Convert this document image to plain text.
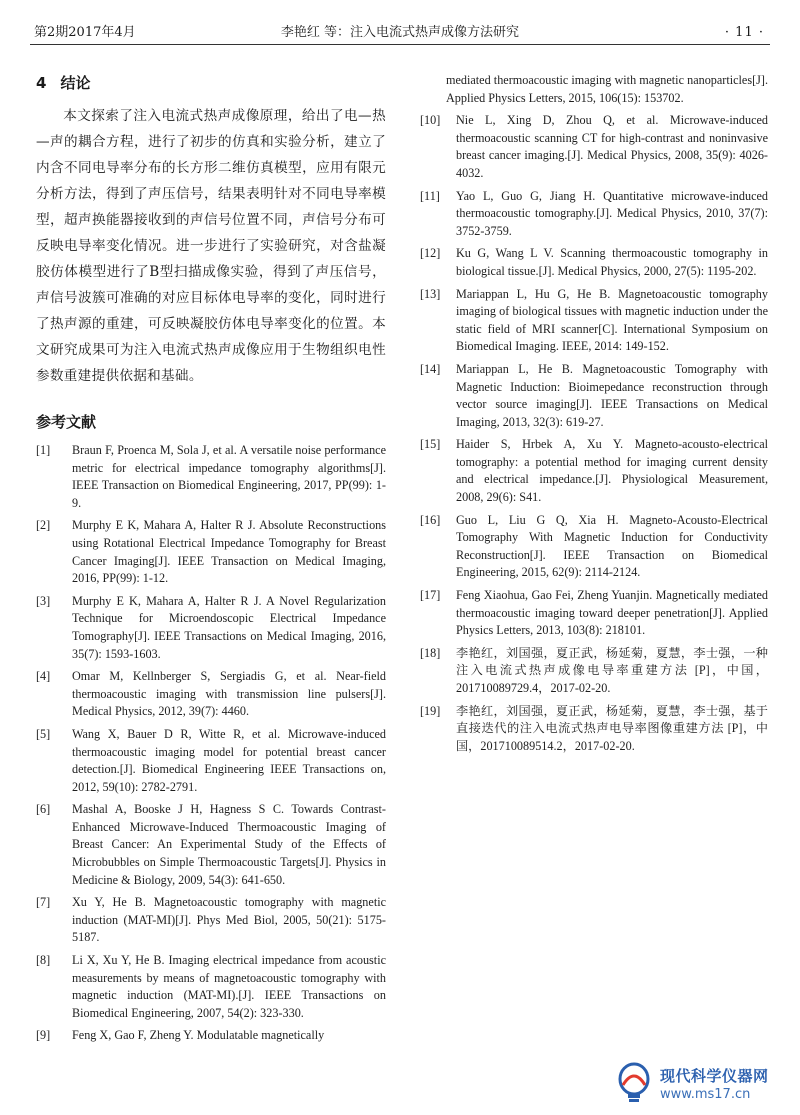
第2期2017年4月	李艳红 等：注入电流式热声成像方法研究	· 11 ·
4 结论

本文探索了注入电流式热声成像原理，给出了电—热—声的耦合方程，进行了初步的仿真和实验分析，建立了内含不同电导率分布的长方形二维仿真模型，应用有限元分析方法，得到了声压信号，结果表明针对不同电导率模型，超声换能器接收到的声信号位置不同，声信号分布可反映电导率变化情况。进一步进行了实验研究，对含盐凝胶仿体模型进行了B型扫描成像实验，得到了声压信号，声信号波簇可准确的对应目标体电导率的变化，同时进行了热声源的重建，可反映凝胶仿体电导率变化的位置。本文研究成果可为注入电流式热声成像应用于生物组织电性参数重建提供依据和基础。

参考文献
[1] Braun F, Proenca M, Sola J, et al. A versatile noise performance metric for electrical impedance tomography algorithms[J]. IEEE Transaction on Biomedical Engineering, 2017, PP(99): 1-9.
[2] Murphy E K, Mahara A, Halter R J. Absolute Reconstructions using Rotational Electrical Impedance Tomography for Breast Cancer Imaging[J]. IEEE Transaction on Medical Imaging, 2016, PP(99): 1-12.
[3] Murphy E K, Mahara A, Halter R J. A Novel Regularization Technique for Microendoscopic Electrical Impedance Tomography[J]. IEEE Transactions on Medical Imaging, 2016, 35(7): 1593-1603.
[4] Omar M, Kellnberger S, Sergiadis G, et al. Near-field thermoacoustic imaging with transmission line pulsers[J]. Medical Physics, 2012, 39(7): 4460.
[5] Wang X, Bauer D R, Witte R, et al. Microwave-induced thermoacoustic imaging model for potential breast cancer detection.[J]. Biomedical Engineering IEEE Transactions on, 2012, 59(10): 2782-2791.
[6] Mashal A, Booske J H, Hagness S C. Towards Contrast-Enhanced Microwave-Induced Thermoacoustic Imaging of Breast Cancer: An Experimental Study of the Effects of Microbubbles on Simple Thermoacoustic Targets[J]. Physics in Medicine & Biology, 2009, 54(3): 641-650.
[7] Xu Y, He B. Magnetoacoustic tomography with magnetic induction (MAT-MI)[J]. Phys Med Biol, 2005, 50(21): 5175-5187.
[8] Li X, Xu Y, He B. Imaging electrical impedance from acoustic measurements by means of magnetoacoustic tomography with magnetic induction (MAT-MI).[J]. IEEE Transactions on Biomedical Engineering, 2007, 54(2): 323-330.
[9] Feng X, Gao F, Zheng Y. Modulatable magnetically
mediated thermoacoustic imaging with magnetic nanoparticles[J]. Applied Physics Letters, 2015, 106(15): 153702.
[10] Nie L, Xing D, Zhou Q, et al. Microwave-induced thermoacoustic scanning CT for high-contrast and noninvasive breast cancer imaging.[J]. Medical Physics, 2008, 35(9): 4026-4032.
[11] Yao L, Guo G, Jiang H. Quantitative microwave-induced thermoacoustic tomography.[J]. Medical Physics, 2010, 37(7): 3752-3759.
[12] Ku G, Wang L V. Scanning thermoacoustic tomography in biological tissue.[J]. Medical Physics, 2000, 27(5): 1195-202.
[13] Mariappan L, Hu G, He B. Magnetoacoustic tomography imaging of biological tissues with magnetic induction under the static field of MRI scanner[C]. International Symposium on Biomedical Imaging. IEEE, 2014: 149-152.
[14] Mariappan L, He B. Magnetoacoustic Tomography with Magnetic Induction: Bioimepedance reconstruction through vector source imaging[J]. IEEE Transactions on Medical Imaging, 2013, 32(3): 619-27.
[15] Haider S, Hrbek A, Xu Y. Magneto-acousto-electrical tomography: a potential method for imaging current density and electrical impedance.[J]. Physiological Measurement, 2008, 29(6): S41.
[16] Guo L, Liu G Q, Xia H. Magneto-Acousto-Electrical Tomography With Magnetic Induction for Conductivity Reconstruction[J]. IEEE Transaction on Biomedical Engineering, 2015, 62(9): 2114-2124.
[17] Feng Xiaohua, Gao Fei, Zheng Yuanjin. Magnetically mediated thermoacoustic imaging toward deeper penetration[J]. Applied Physics Letters, 2013, 103(8): 218101.
[18] 李艳红，刘国强，夏正武，杨延菊，夏慧，李士强，一种注入电流式热声成像电导率重建方法 [P]，中国，201710089729.4，2017-02-20.
[19] 李艳红，刘国强，夏正武，杨延菊，夏慧，李士强，基于直接迭代的注入电流式热声电导率图像重建方法 [P]，中国，201710089514.2，2017-02-20.
现代科学仪器网
www.ms17.cn
